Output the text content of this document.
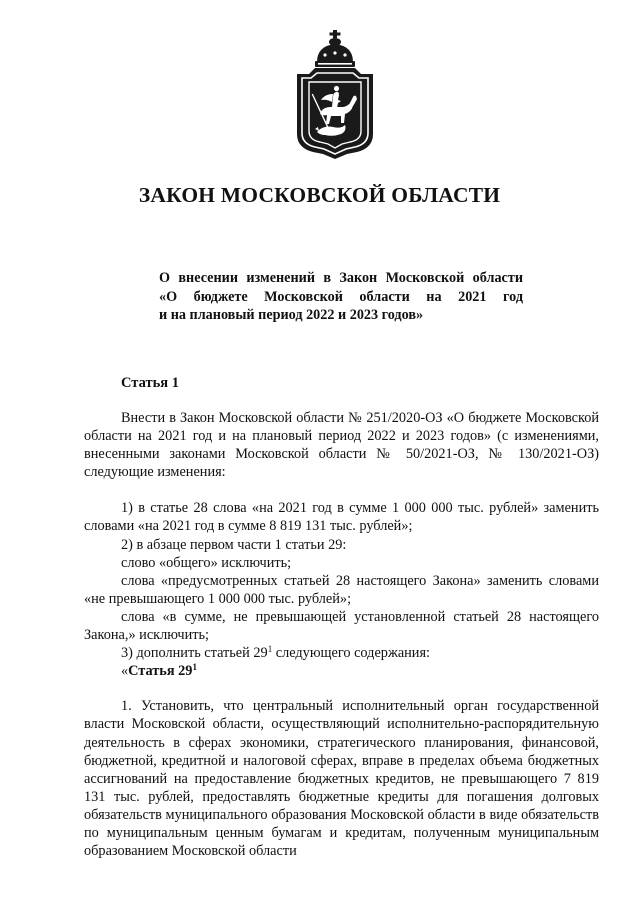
ЗАКОН МОСКОВСКОЙ ОБЛАСТИ
О внесении изменений в Закон Московской области
«О бюджете Московской области на 2021 год
и на плановый период 2022 и 2023 годов»
Статья 1

Внести в Закон Московской области № 251/2020-ОЗ «О бюджете Московской области на 2021 год и на плановый период 2022 и 2023 годов» (с изменениями, внесенными законами Московской области № 50/2021-ОЗ, № 130/2021-ОЗ) следующие изменения:

1) в статье 28 слова «на 2021 год в сумме 1 000 000 тыс. рублей» заменить словами «на 2021 год в сумме 8 819 131 тыс. рублей»;

2) в абзаце первом части 1 статьи 29:

слово «общего» исключить;

слова «предусмотренных статьей 28 настоящего Закона» заменить словами «не превышающего 1 000 000 тыс. рублей»;

слова «в сумме, не превышающей установленной статьей 28 настоящего Закона,» исключить;

3) дополнить статьей $29^1$ следующего содержания:

«Статья $29^1$

1. Установить, что центральный исполнительный орган государственной власти Московской области, осуществляющий исполнительно-распорядительную деятельность в сферах экономики, стратегического планирования, финансовой, бюджетной, кредитной и налоговой сферах, вправе в пределах объема бюджетных ассигнований на предоставление бюджетных кредитов, не превышающего 7 819 131 тыс. рублей, предоставлять бюджетные кредиты для погашения долговых обязательств муниципального образования Московской области в виде обязательств по муниципальным ценным бумагам и кредитам, полученным муниципальным образованием Московской области
